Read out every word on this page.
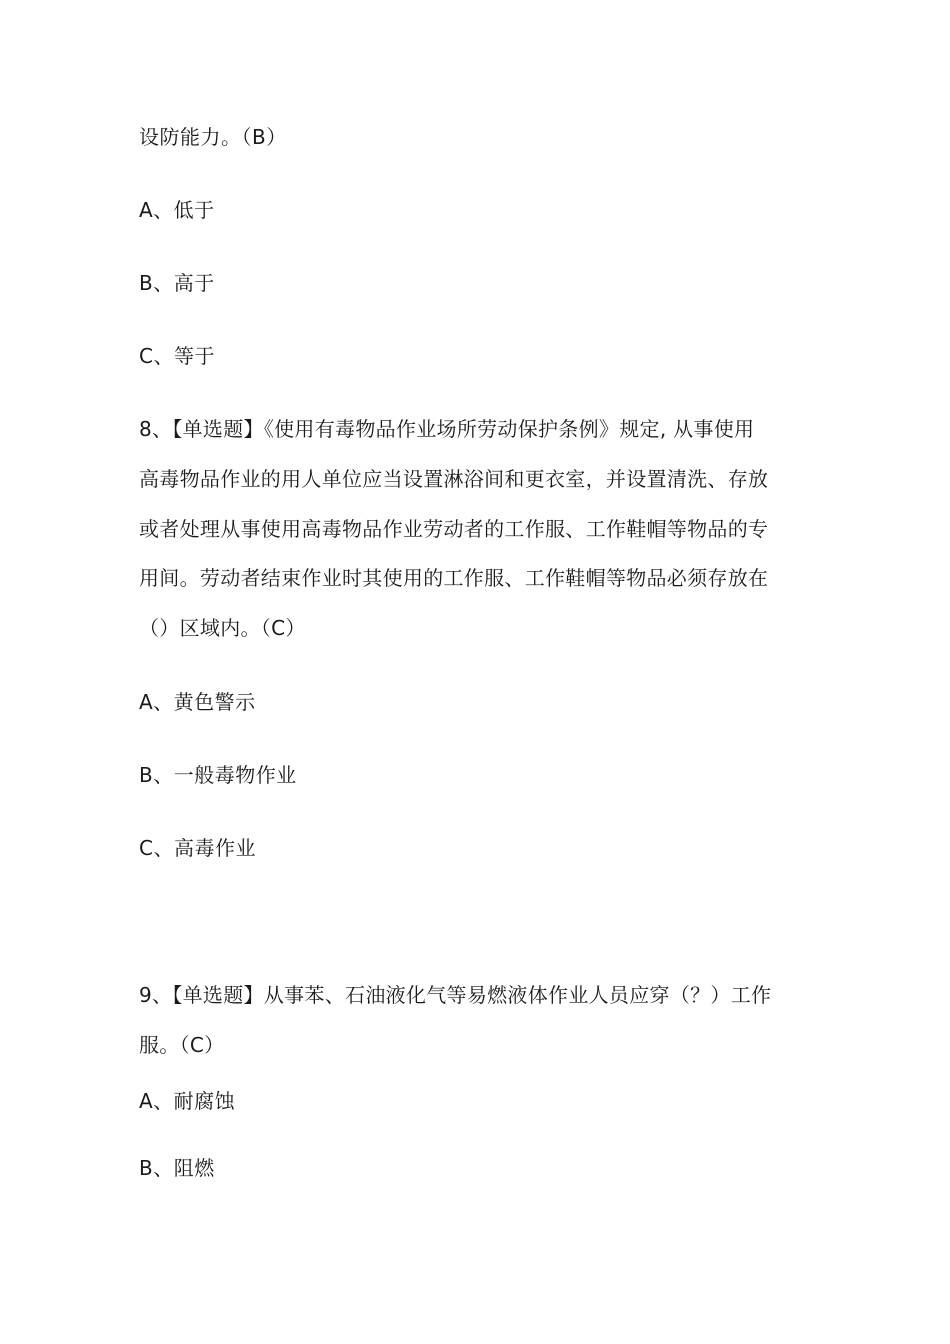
设防能力。（B）
A、低于
B、高于
C、等于
8、【单选题】《使用有毒物品作业场所劳动保护条例》规定, 从事使用
高毒物品作业的用人单位应当设置淋浴间和更衣室，并设置清洗、存放
或者处理从事使用高毒物品作业劳动者的工作服、工作鞋帽等物品的专
用间。劳动者结束作业时其使用的工作服、工作鞋帽等物品必须存放在
（）区域内。（C）
A、黄色警示
B、一般毒物作业
C、高毒作业
9、【单选题】从事苯、石油液化气等易燃液体作业人员应穿（？）工作
服。（C）
A、耐腐蚀
B、阻燃
